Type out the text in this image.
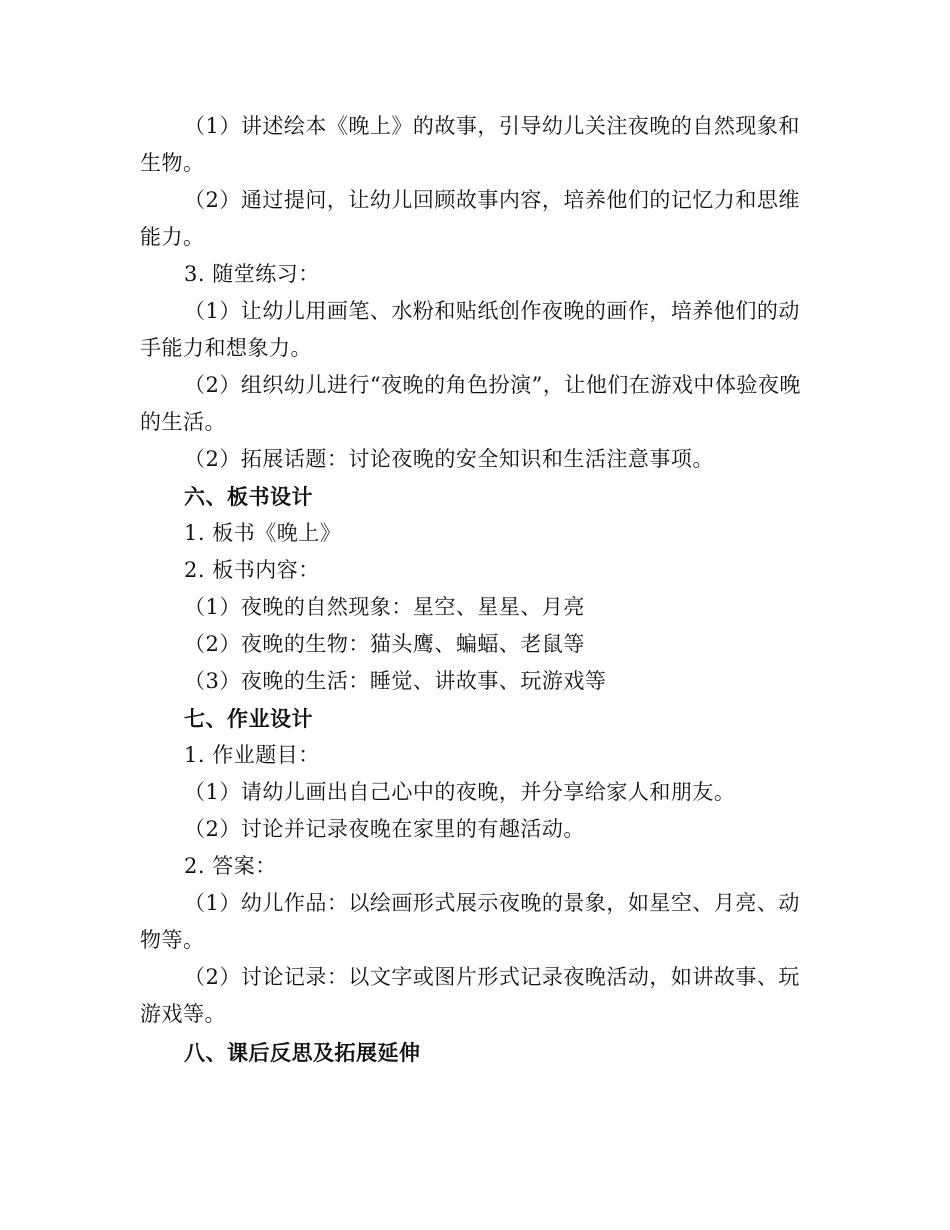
（1）讲述绘本《晚上》的故事，引导幼儿关注夜晚的自然现象和生物。
（2）通过提问，让幼儿回顾故事内容，培养他们的记忆力和思维能力。
3. 随堂练习：
（1）让幼儿用画笔、水粉和贴纸创作夜晚的画作，培养他们的动手能力和想象力。
（2）组织幼儿进行“夜晚的角色扮演”，让他们在游戏中体验夜晚的生活。
（2）拓展话题：讨论夜晚的安全知识和生活注意事项。
六、板书设计
1. 板书《晚上》
2. 板书内容：
（1）夜晚的自然现象：星空、星星、月亮
（2）夜晚的生物：猫头鹰、蝙蝠、老鼠等
（3）夜晚的生活：睡觉、讲故事、玩游戏等
七、作业设计
1. 作业题目：
（1）请幼儿画出自己心中的夜晚，并分享给家人和朋友。
（2）讨论并记录夜晚在家里的有趣活动。
2. 答案：
（1）幼儿作品：以绘画形式展示夜晚的景象，如星空、月亮、动物等。
（2）讨论记录：以文字或图片形式记录夜晚活动，如讲故事、玩游戏等。
八、课后反思及拓展延伸
